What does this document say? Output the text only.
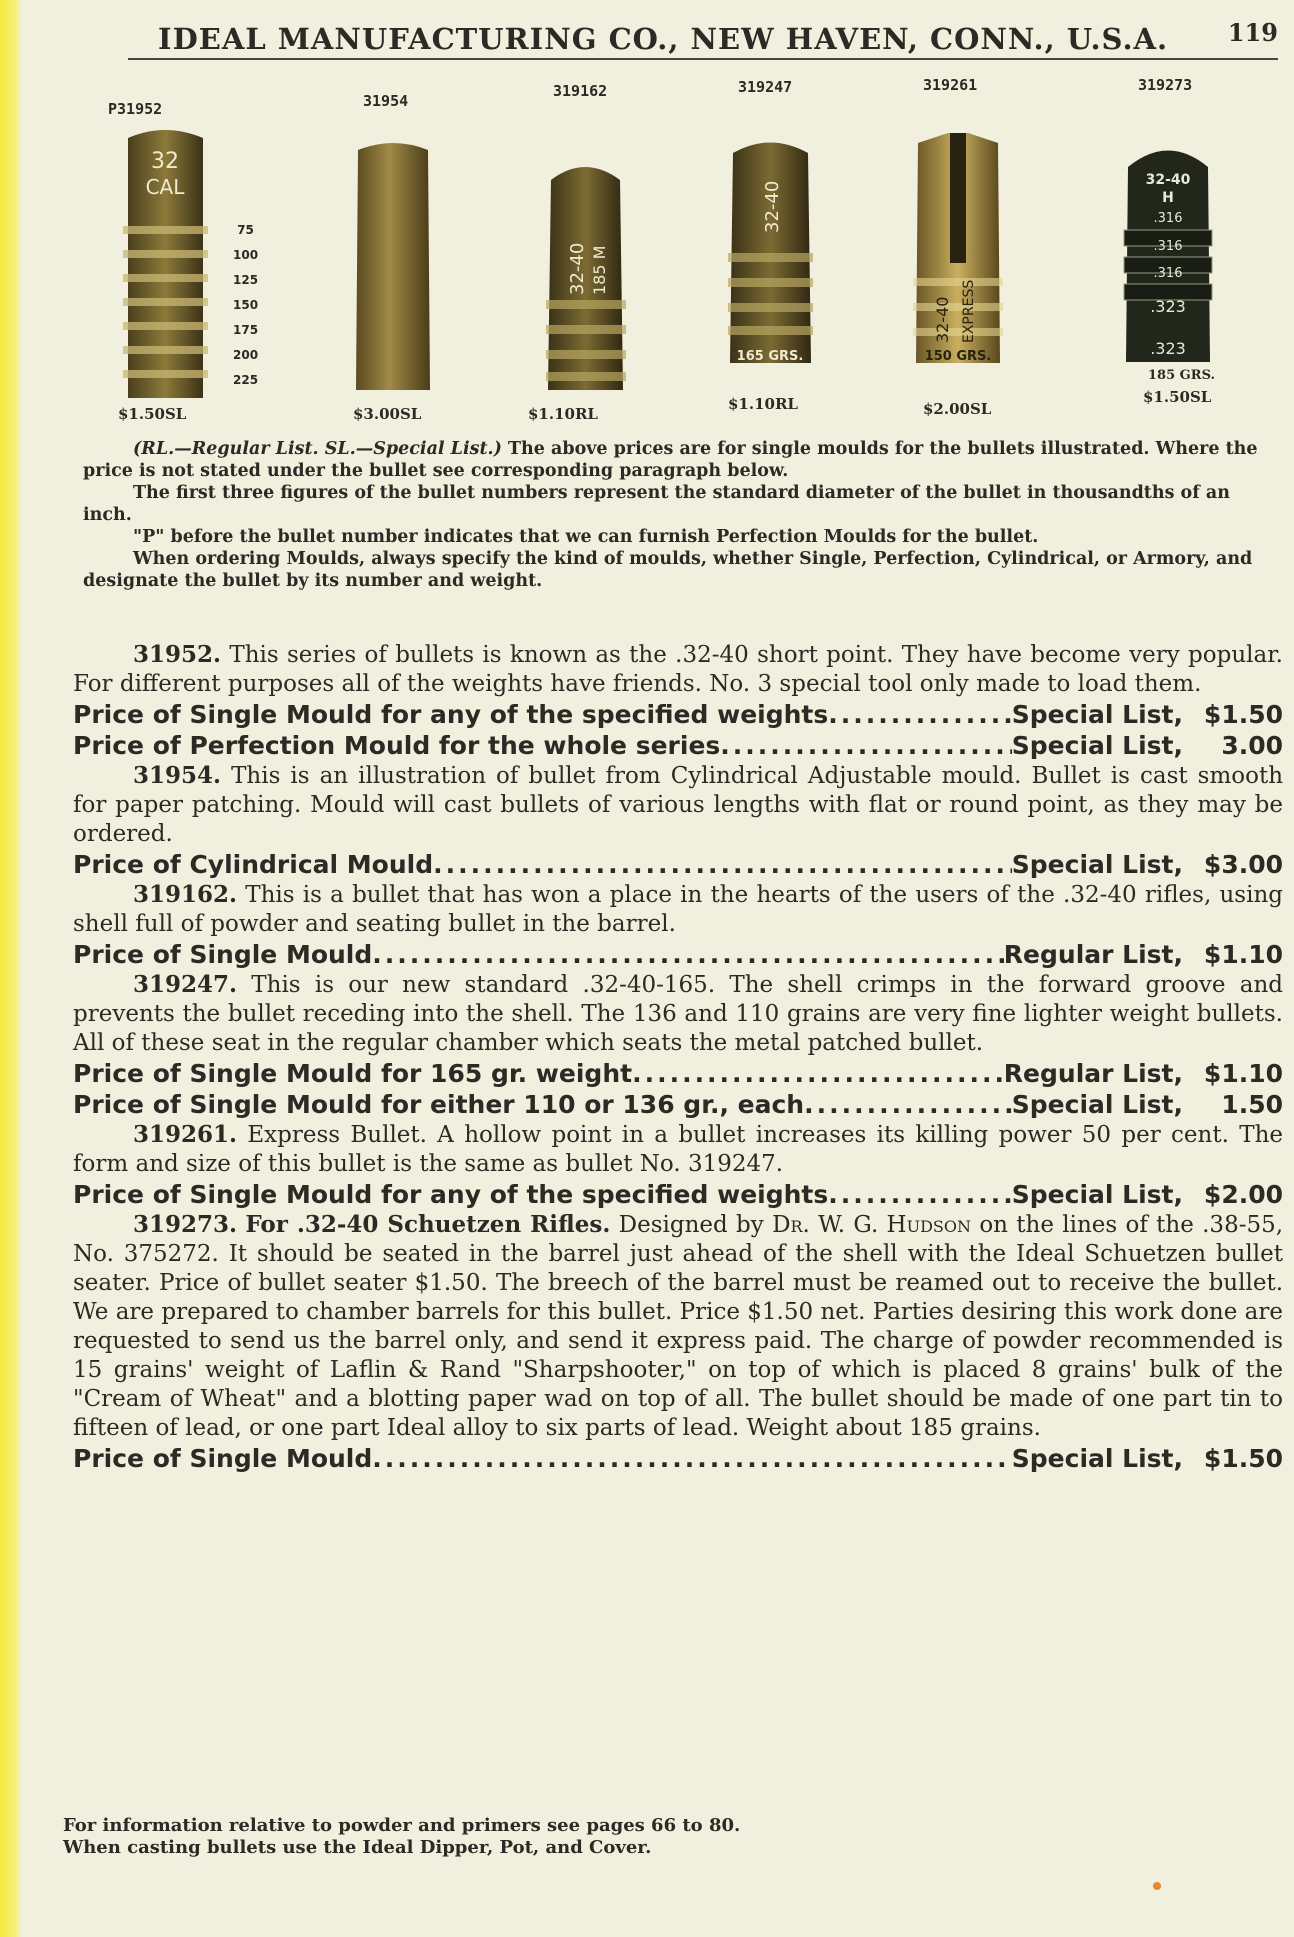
IDEAL MANUFACTURING CO., NEW HAVEN, CONN., U.S.A. 119
P31952
32
CAL
75
100
125
150
175
200
225
$1.50SL
31954
$3.00SL
319162
32-40 185 M
$1.10RL
319247
32-40
165 GRS.
$1.10RL
319261
32-40 EXPRESS
150 GRS.
$2.00SL
319273
32-40
H
.316
.316
.316
.323
.323
185 GRS.
$1.50SL

(RL.—Regular List. SL.—Special List.) The above prices are for single moulds for the bullets illustrated. Where the price is not stated under the bullet see corresponding paragraph below.

The first three figures of the bullet numbers represent the standard diameter of the bullet in thousandths of an inch.

"P" before the bullet number indicates that we can furnish Perfection Moulds for the bullet.

When ordering Moulds, always specify the kind of moulds, whether Single, Perfection, Cylindrical, or Armory, and designate the bullet by its number and weight.

31952. This series of bullets is known as the .32-40 short point. They have become very popular. For different purposes all of the weights have friends. No. 3 special tool only made to load them.

Price of Single Mould for any of the specified weights .....	Special List, $1.50
Price of Perfection Mould for the whole series .....	Special List,	3.00

31954. This is an illustration of bullet from Cylindrical Adjustable mould. Bullet is cast smooth for paper patching. Mould will cast bullets of various lengths with flat or round point, as they may be ordered.

Price of Cylindrical Mould .....	Special List, $3.00

319162. This is a bullet that has won a place in the hearts of the users of the .32-40 rifles, using shell full of powder and seating bullet in the barrel.

Price of Single Mould .....	Regular List, $1.10

319247. This is our new standard .32-40-165. The shell crimps in the forward groove and prevents the bullet receding into the shell. The 136 and 110 grains are very fine lighter weight bullets. All of these seat in the regular chamber which seats the metal patched bullet.

Price of Single Mould for 165 gr. weight .....	Regular List, $1.10
Price of Single Mould for either 110 or 136 gr., each .....	Special List,	1.50

319261. Express Bullet. A hollow point in a bullet increases its killing power 50 per cent. The form and size of this bullet is the same as bullet No. 319247.

Price of Single Mould for any of the specified weights .....	Special List, $2.00

319273. For .32-40 Schuetzen Rifles. Designed by Dr. W. G. Hudson on the lines of the .38-55, No. 375272. It should be seated in the barrel just ahead of the shell with the Ideal Schuetzen bullet seater. Price of bullet seater $1.50. The breech of the barrel must be reamed out to receive the bullet. We are prepared to chamber barrels for this bullet. Price $1.50 net. Parties desiring this work done are requested to send us the barrel only, and send it express paid. The charge of powder recommended is 15 grains' weight of Laflin & Rand "Sharpshooter," on top of which is placed 8 grains' bulk of the "Cream of Wheat" and a blotting paper wad on top of all. The bullet should be made of one part tin to fifteen of lead, or one part Ideal alloy to six parts of lead. Weight about 185 grains.

Price of Single Mould .....	Special List, $1.50

For information relative to powder and primers see pages 66 to 80.

When casting bullets use the Ideal Dipper, Pot, and Cover.
